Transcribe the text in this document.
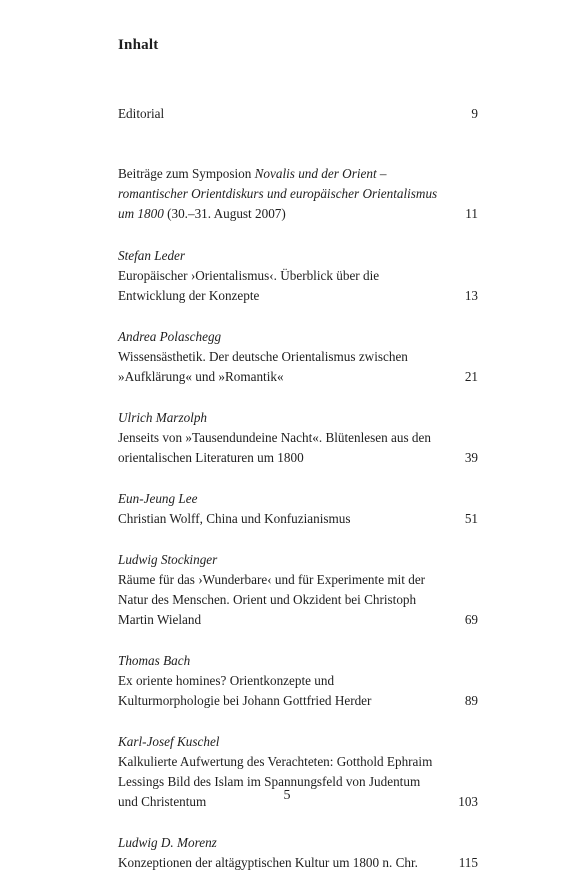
Inhalt
Editorial	9
Beiträge zum Symposion Novalis und der Orient –
romantischer Orientdiskurs und europäischer Orientalismus
um 1800 (30.–31. August 2007)	11
Stefan Leder
Europäischer ›Orientalismus‹. Überblick über die
Entwicklung der Konzepte	13
Andrea Polaschegg
Wissensästhetik. Der deutsche Orientalismus zwischen
»Aufklärung« und »Romantik«	21
Ulrich Marzolph
Jenseits von »Tausendundeine Nacht«. Blütenlesen aus den
orientalischen Literaturen um 1800	39
Eun-Jeung Lee
Christian Wolff, China und Konfuzianismus	51
Ludwig Stockinger
Räume für das ›Wunderbare‹ und für Experimente mit der
Natur des Menschen. Orient und Okzident bei Christoph
Martin Wieland	69
Thomas Bach
Ex oriente homines? Orientkonzepte und
Kulturmorphologie bei Johann Gottfried Herder	89
Karl-Josef Kuschel
Kalkulierte Aufwertung des Verachteten: Gotthold Ephraim
Lessings Bild des Islam im Spannungsfeld von Judentum
und Christentum	103
Ludwig D. Morenz
Konzeptionen der altägyptischen Kultur um 1800 n. Chr.	115
5
